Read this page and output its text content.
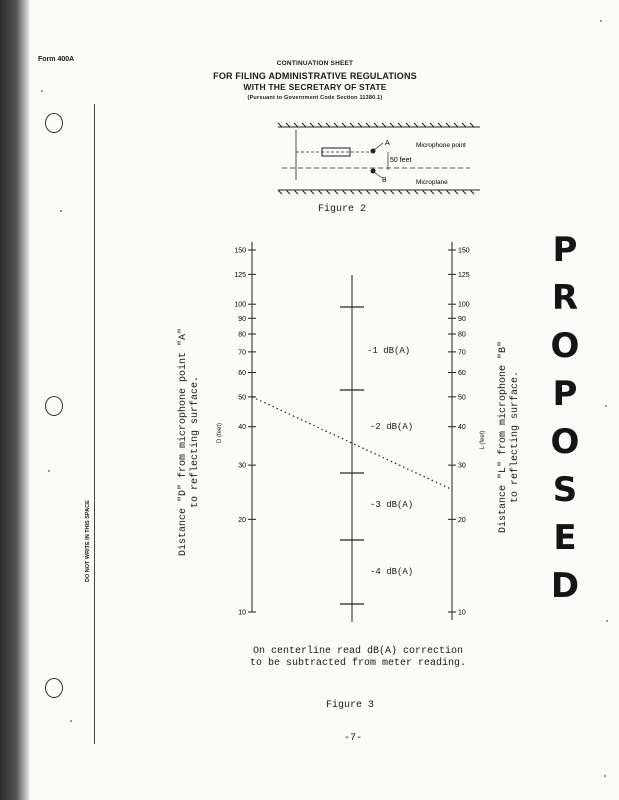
Form 400A
CONTINUATION SHEET
FOR FILING ADMINISTRATIVE REGULATIONS
WITH THE SECRETARY OF STATE
(Pursuant to Government Code Section 11380.1)
DO NOT WRITE IN THIS SPACE
A
B
50 feet
Microphone point
Microplane
Figure 2
P
R
O
P
O
S
E
D
10
20
30
40
50
60
70
80
90
100
125
150
10
20
30
40
50
60
70
80
90
100
125
150
Distance "D" from microphone point "A" to reflecting surface.	D (feet)	Distance "L" from microphone "B" to reflecting surface.
L (feet)
-1 dB(A)
-2 dB(A)
-3 dB(A)
-4 dB(A)
On centerline read dB(A) correction
to be subtracted from meter reading.
Figure 3
-7-
